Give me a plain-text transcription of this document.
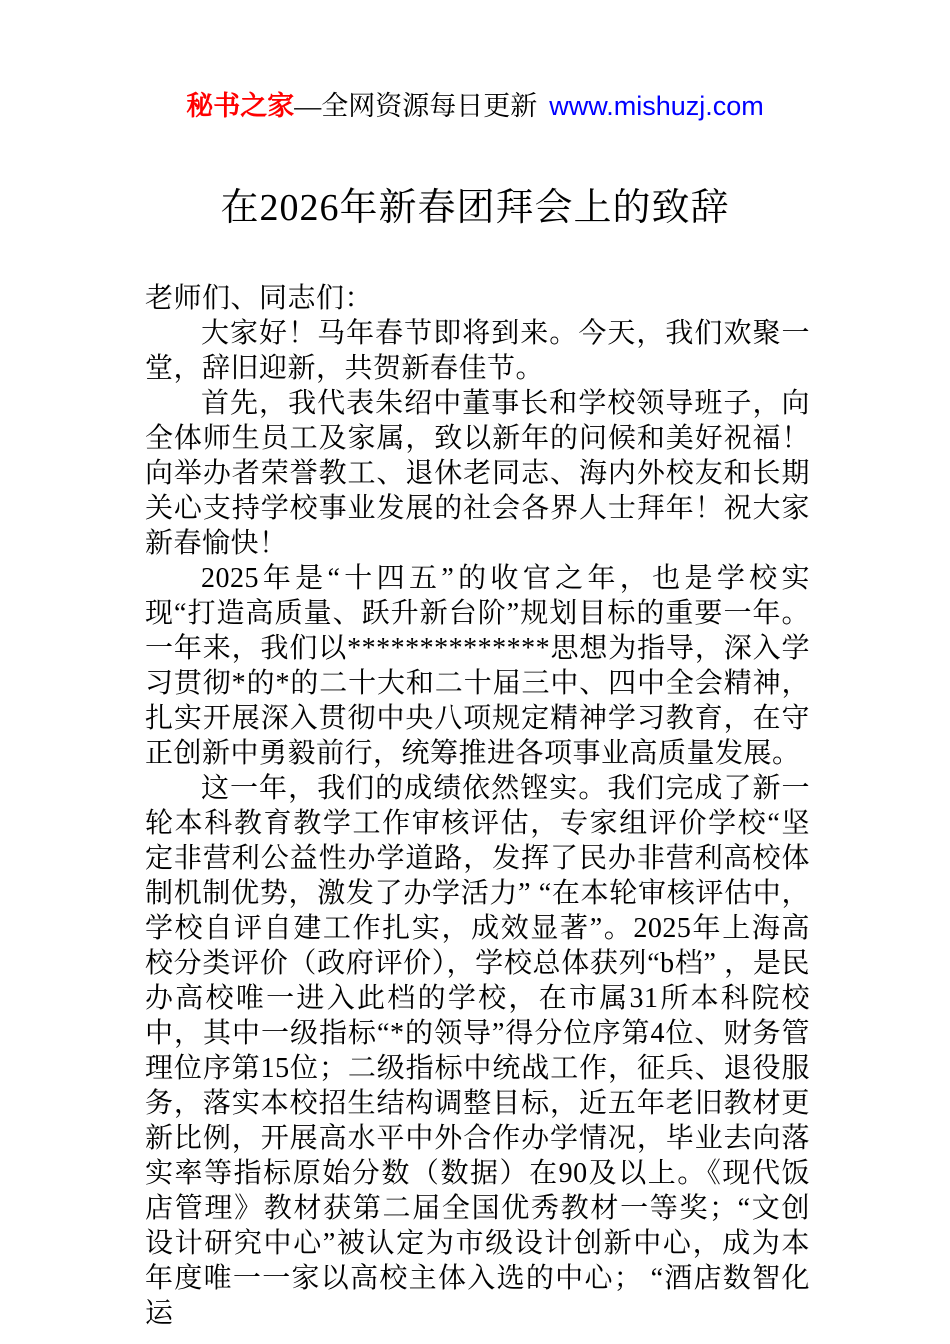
秘书之家—全网资源每日更新 www.mishuzj.com
在2026年新春团拜会上的致辞

老师们、同志们：

大家好！马年春节即将到来。今天，我们欢聚一堂，辞旧迎新，共贺新春佳节。

首先，我代表朱绍中董事长和学校领导班子，向全体师生员工及家属，致以新年的问候和美好祝福！向举办者荣誉教工、退休老同志、海内外校友和长期关心支持学校事业发展的社会各界人士拜年！祝大家新春愉快！

2025年是“十四五”的收官之年，也是学校实现“打造高质量、跃升新台阶”规划目标的重要一年。一年来，我们以**************思想为指导，深入学习贯彻*的*的二十大和二十届三中、四中全会精神，扎实开展深入贯彻中央八项规定精神学习教育，在守正创新中勇毅前行，统筹推进各项事业高质量发展。

这一年，我们的成绩依然铿实。我们完成了新一轮本科教育教学工作审核评估，专家组评价学校“坚定非营利公益性办学道路，发挥了民办非营利高校体制机制优势，激发了办学活力” “在本轮审核评估中，学校自评自建工作扎实，成效显著”。2025年上海高校分类评价（政府评价），学校总体获列“b档” ，是民办高校唯一进入此档的学校，在市属31所本科院校中，其中一级指标“*的领导”得分位序第4位、财务管理位序第15位；二级指标中统战工作，征兵、退役服务，落实本校招生结构调整目标，近五年老旧教材更新比例，开展高水平中外合作办学情况，毕业去向落实率等指标原始分数（数据）在90及以上。《现代饭店管理》教材获第二届全国优秀教材一等奖；“文创设计研究中心”被认定为市级设计创新中心，成为本年度唯一一家以高校主体入选的中心； “酒店数智化运
